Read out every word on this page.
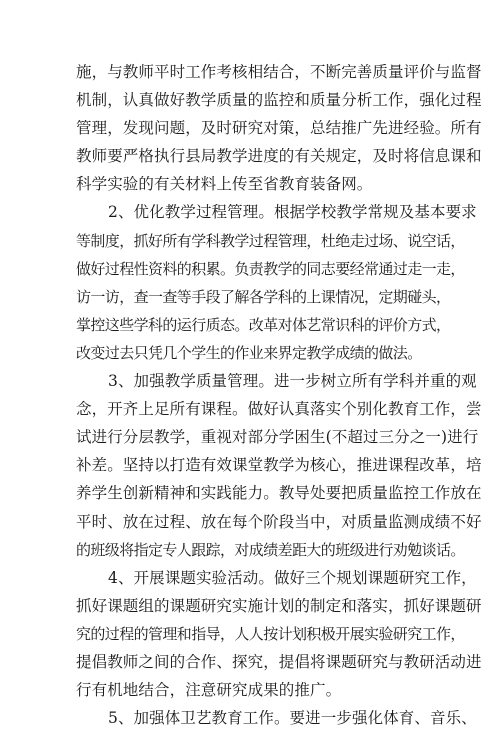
施，与教师平时工作考核相结合，不断完善质量评价与监督
机制，认真做好教学质量的监控和质量分析工作，强化过程
管理，发现问题，及时研究对策，总结推广先进经验。所有
教师要严格执行县局教学进度的有关规定，及时将信息课和
科学实验的有关材料上传至省教育装备网。
2、优化教学过程管理。根据学校教学常规及基本要求
等制度，抓好所有学科教学过程管理，杜绝走过场、说空话，
做好过程性资料的积累。负责教学的同志要经常通过走一走，
访一访，查一查等手段了解各学科的上课情况，定期碰头，
掌控这些学科的运行质态。改革对体艺常识科的评价方式，
改变过去只凭几个学生的作业来界定教学成绩的做法。
3、加强教学质量管理。进一步树立所有学科并重的观
念，开齐上足所有课程。做好认真落实个别化教育工作，尝
试进行分层教学，重视对部分学困生(不超过三分之一)进行
补差。坚持以打造有效课堂教学为核心，推进课程改革，培
养学生创新精神和实践能力。教导处要把质量监控工作放在
平时、放在过程、放在每个阶段当中，对质量监测成绩不好
的班级将指定专人跟踪，对成绩差距大的班级进行劝勉谈话。
4、开展课题实验活动。做好三个规划课题研究工作，
抓好课题组的课题研究实施计划的制定和落实，抓好课题研
究的过程的管理和指导，人人按计划积极开展实验研究工作，
提倡教师之间的合作、探究，提倡将课题研究与教研活动进
行有机地结合，注意研究成果的推广。
5、加强体卫艺教育工作。要进一步强化体育、音乐、
